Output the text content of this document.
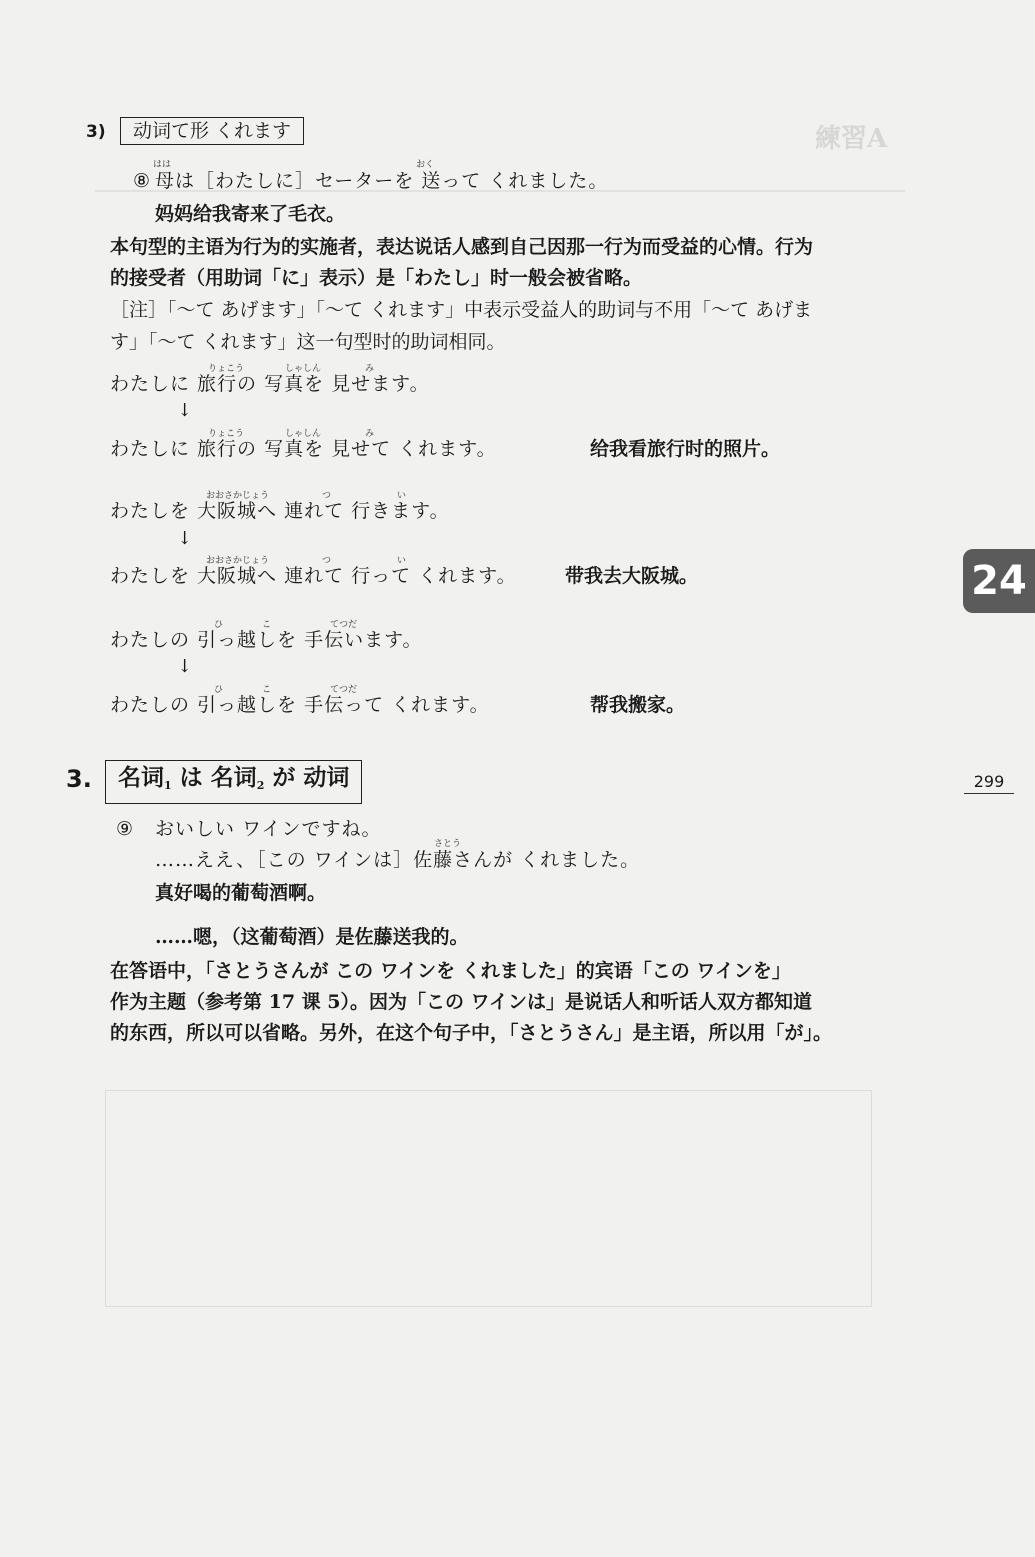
練習A
3)	动词て形 くれます
はは	おく
⑧ 母は［わたしに］セーターを 送って くれました。
妈妈给我寄来了毛衣。
本句型的主语为行为的实施者，表达说话人感到自己因那一行为而受益的心情。行为
的接受者（用助词「に」表示）是「わたし」时一般会被省略。
［注］「～て あげます」「～て くれます」中表示受益人的助词与不用「～て あげま
す」「～て くれます」这一句型时的助词相同。
りょこう	しゃしん	み
わたしに 旅行の 写真を 見せます。
↓
りょこう	しゃしん	み
わたしに 旅行の 写真を 見せて くれます。	给我看旅行时的照片。
おおさかじょう	つ	い
わたしを 大阪城へ 連れて 行きます。
↓
おおさかじょう	つ	い
わたしを 大阪城へ 連れて 行って くれます。	带我去大阪城。
ひ	こ	てつだ
わたしの 引っ越しを 手伝います。
↓
ひ	こ	てつだ
わたしの 引っ越しを 手伝って くれます。	帮我搬家。
3.	名词$_1$ は 名词$_2$ が 动词
⑨ おいしい ワインですね。
さとう
……ええ、［この ワインは］佐藤さんが くれました。
真好喝的葡萄酒啊。
……嗯，（这葡萄酒）是佐藤送我的。
在答语中，「さとうさんが この ワインを くれました」的宾语「この ワインを」
作为主题（参考第 17 课 5）。因为「この ワインは」是说话人和听话人双方都知道
的东西，所以可以省略。另外，在这个句子中，「さとうさん」是主语，所以用「が」。
24
299
